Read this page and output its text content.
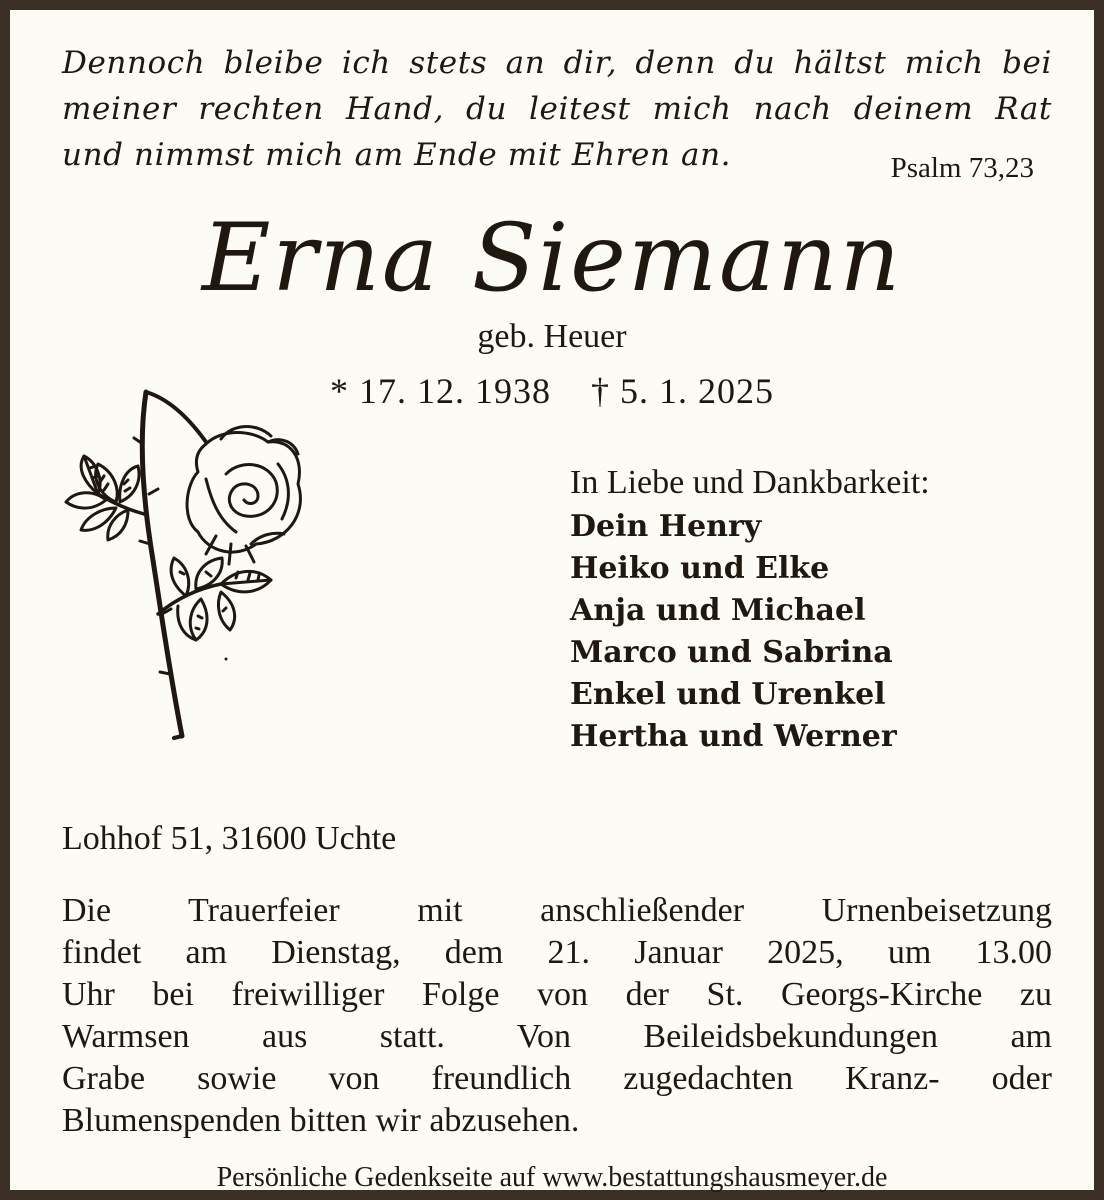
Dennoch bleibe ich stets an dir, denn du hältst mich bei
meiner rechten Hand, du leitest mich nach deinem Rat
und nimmst mich am Ende mit Ehren an.	Psalm 73,23
Erna Siemann
geb. Heuer
* 17. 12. 1938    † 5. 1. 2025
In Liebe und Dankbarkeit:
Dein Henry
Heiko und Elke
Anja und Michael
Marco und Sabrina
Enkel und Urenkel
Hertha und Werner
Lohhof 51, 31600 Uchte
Die Trauerfeier mit anschließender Urnenbeisetzung
findet am Dienstag, dem 21. Januar 2025, um 13.00
Uhr bei freiwilliger Folge von der St. Georgs-Kirche zu
Warmsen aus statt. Von Beileidsbekundungen am
Grabe sowie von freundlich zugedachten Kranz- oder
Blumenspenden bitten wir abzusehen.
Persönliche Gedenkseite auf www.bestattungshausmeyer.de
